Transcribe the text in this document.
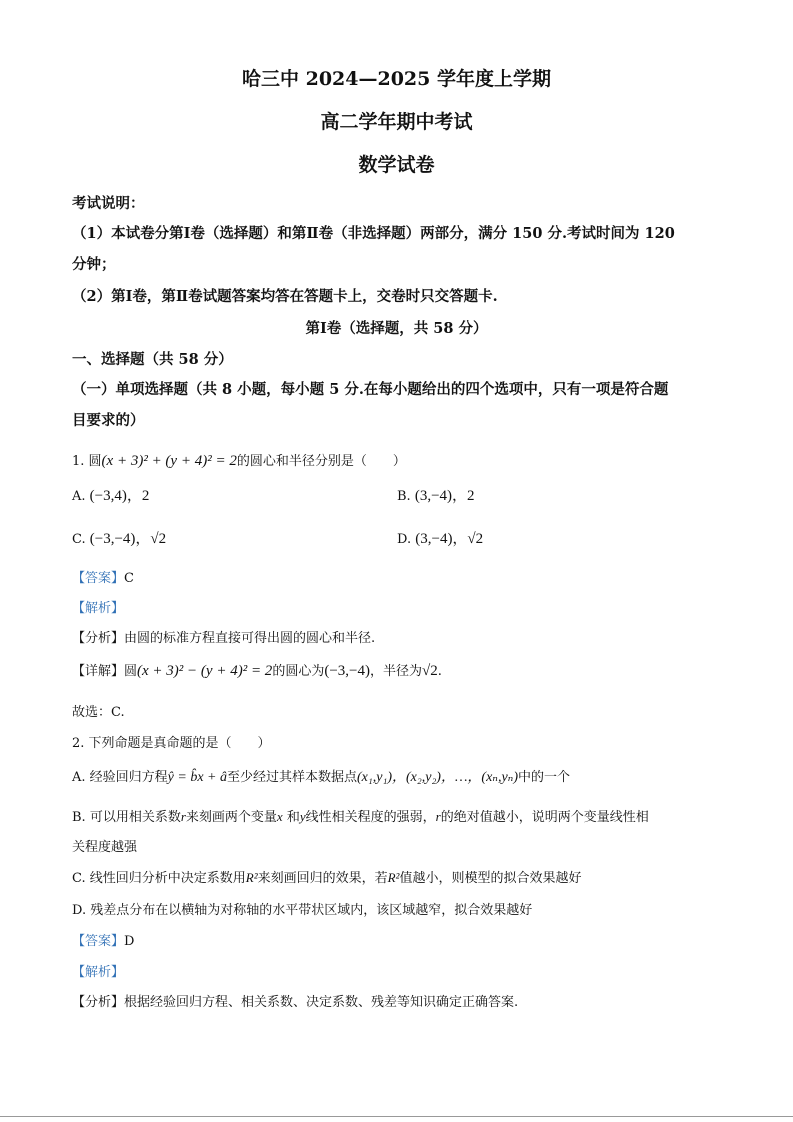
哈三中 2024—2025 学年度上学期
高二学年期中考试
数学试卷
考试说明：
（1）本试卷分第Ⅰ卷（选择题）和第Ⅱ卷（非选择题）两部分，满分 150 分.考试时间为 120
分钟；
（2）第Ⅰ卷，第Ⅱ卷试题答案均答在答题卡上，交卷时只交答题卡.
第Ⅰ卷（选择题，共 58 分）
一、选择题（共 58 分）
（一）单项选择题（共 8 小题，每小题 5 分.在每小题给出的四个选项中，只有一项是符合题
目要求的）
1. 圆(x + 3)² + (y + 4)² = 2的圆心和半径分别是（　　）
A. (−3,4)，2	B. (3,−4)，2
C. (−3,−4)，√2	D. (3,−4)，√2
【答案】C
【解析】
【分析】由圆的标准方程直接可得出圆的圆心和半径.
【详解】圆(x + 3)² − (y + 4)² = 2的圆心为(−3,−4)，半径为√2.
故选：C.
2. 下列命题是真命题的是（　　）
A. 经验回归方程ŷ = b̂x + â至少经过其样本数据点(x₁,y₁)，(x₂,y₂)，…，(xₙ,yₙ)中的一个
B. 可以用相关系数r来刻画两个变量x 和y线性相关程度的强弱，r的绝对值越小，说明两个变量线性相
关程度越强
C. 线性回归分析中决定系数用R²来刻画回归的效果，若R²值越小，则模型的拟合效果越好
D. 残差点分布在以横轴为对称轴的水平带状区域内，该区域越窄，拟合效果越好
【答案】D
【解析】
【分析】根据经验回归方程、相关系数、决定系数、残差等知识确定正确答案.
